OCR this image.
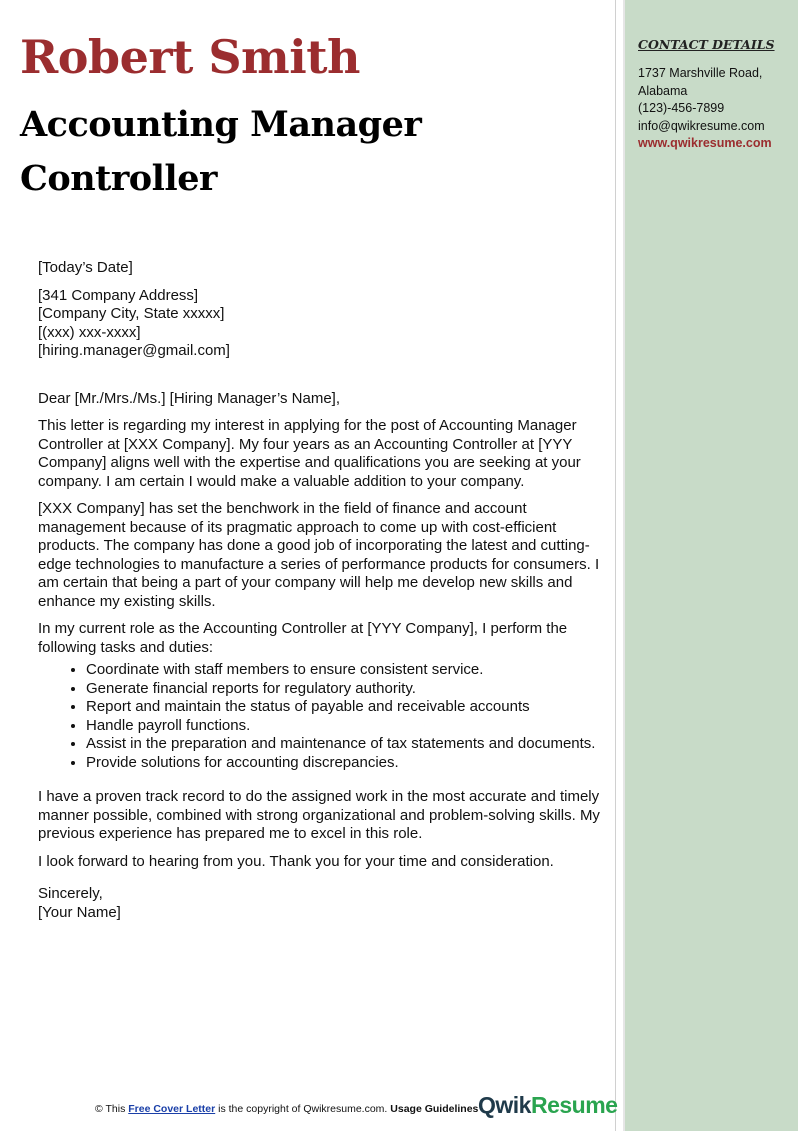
Robert Smith
Accounting Manager Controller
CONTACT DETAILS
1737 Marshville Road,
Alabama
(123)-456-7899
info@qwikresume.com
www.qwikresume.com

[Today’s Date]

[341 Company Address]
[Company City, State xxxxx]
[(xxx) xxx-xxxx]
[hiring.manager@gmail.com]

Dear [Mr./Mrs./Ms.] [Hiring Manager’s Name],

This letter is regarding my interest in applying for the post of Accounting Manager Controller at [XXX Company]. My four years as an Accounting Controller at [YYY Company] aligns well with the expertise and qualifications you are seeking at your company. I am certain I would make a valuable addition to your company.

[XXX Company] has set the benchwork in the field of finance and account management because of its pragmatic approach to come up with cost-efficient products. The company has done a good job of incorporating the latest and cutting-edge technologies to manufacture a series of performance products for consumers. I am certain that being a part of your company will help me develop new skills and enhance my existing skills.

In my current role as the Accounting Controller at [YYY Company], I perform the following tasks and duties:

• Coordinate with staff members to ensure consistent service.
• Generate financial reports for regulatory authority.
• Report and maintain the status of payable and receivable accounts
• Handle payroll functions.
• Assist in the preparation and maintenance of tax statements and documents.
• Provide solutions for accounting discrepancies.

I have a proven track record to do the assigned work in the most accurate and timely manner possible, combined with strong organizational and problem-solving skills. My previous experience has prepared me to excel in this role.

I look forward to hearing from you. Thank you for your time and consideration.

Sincerely,
[Your Name]

© This Free Cover Letter is the copyright of Qwikresume.com. Usage Guidelines QwikResume
